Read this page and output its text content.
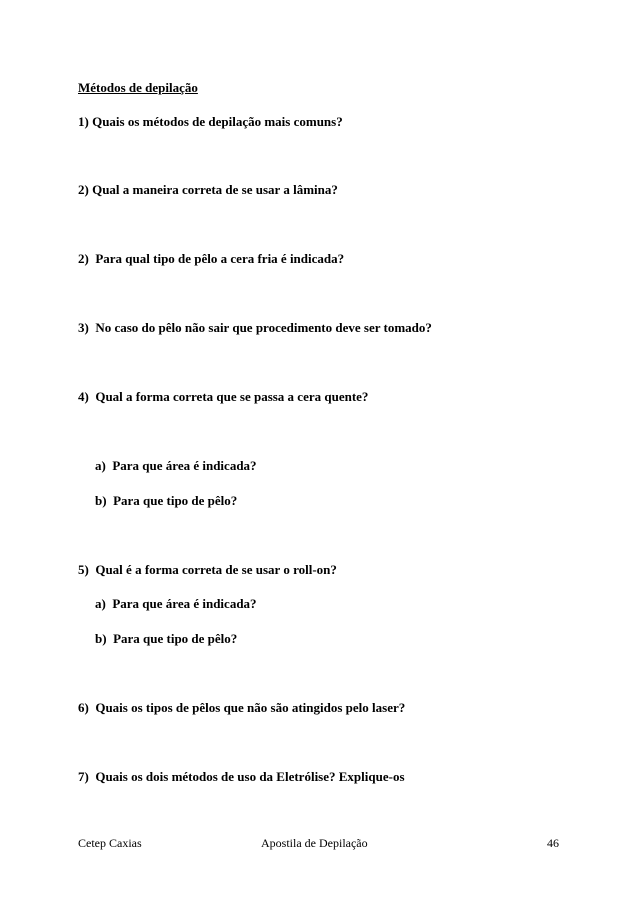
Métodos de depilação
1) Quais os métodos de depilação mais comuns?
2) Qual a maneira correta de se usar a lâmina?
2) Para qual tipo de pêlo a cera fria é indicada?
3) No caso do pêlo não sair que procedimento deve ser tomado?
4) Qual a forma correta que se passa a cera quente?
a) Para que área é indicada?
b) Para que tipo de pêlo?
5) Qual é a forma correta de se usar o roll-on?
a) Para que área é indicada?
b) Para que tipo de pêlo?
6) Quais os tipos de pêlos que não são atingidos pelo laser?
7) Quais os dois métodos de uso da Eletrólise? Explique-os
Cetep Caxias	Apostila de Depilação	46
